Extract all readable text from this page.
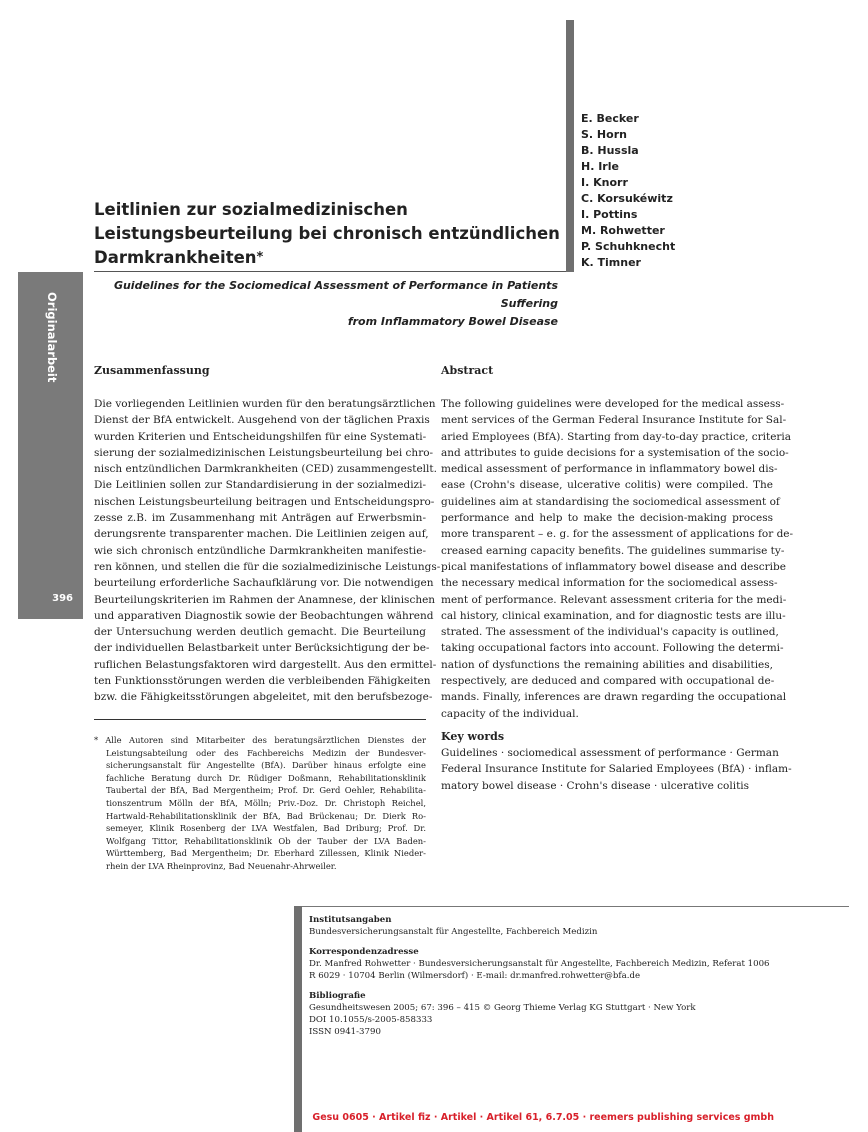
E. Becker
S. Horn
B. Hussla
H. Irle
I. Knorr
C. Korsukéwitz
I. Pottins
M. Rohwetter
P. Schuhknecht
K. Timner
Leitlinien zur sozialmedizinischen
Leistungsbeurteilung bei chronisch entzündlichen
Darmkrankheiten*
Guidelines for the Sociomedical Assessment of Performance in Patients Suffering
from Inflammatory Bowel Disease
Originalarbeit
396
Zusammenfassung
Die vorliegenden Leitlinien wurden für den beratungsärztlichen
Dienst der BfA entwickelt. Ausgehend von der täglichen Praxis
wurden Kriterien und Entscheidungshilfen für eine Systemati-
sierung der sozialmedizinischen Leistungsbeurteilung bei chro-
nisch entzündlichen Darmkrankheiten (CED) zusammengestellt.
Die Leitlinien sollen zur Standardisierung in der sozialmedizi-
nischen Leistungsbeurteilung beitragen und Entscheidungspro-
zesse z.B. im Zusammenhang mit Anträgen auf Erwerbsmin-
derungsrente transparenter machen. Die Leitlinien zeigen auf,
wie sich chronisch entzündliche Darmkrankheiten manifestie-
ren können, und stellen die für die sozialmedizinische Leistungs-
beurteilung erforderliche Sachaufklärung vor. Die notwendigen
Beurteilungskriterien im Rahmen der Anamnese, der klinischen
und apparativen Diagnostik sowie der Beobachtungen während
der Untersuchung werden deutlich gemacht. Die Beurteilung
der individuellen Belastbarkeit unter Berücksichtigung der be-
ruflichen Belastungsfaktoren wird dargestellt. Aus den ermittel-
ten Funktionsstörungen werden die verbleibenden Fähigkeiten
bzw. die Fähigkeitsstörungen abgeleitet, mit den berufsbezoge-
* Alle Autoren sind Mitarbeiter des beratungsärztlichen Dienstes der
Leistungsabteilung oder des Fachbereichs Medizin der Bundesver-
sicherungsanstalt für Angestellte (BfA). Darüber hinaus erfolgte eine
fachliche Beratung durch Dr. Rüdiger Doßmann, Rehabilitationsklinik
Taubertal der BfA, Bad Mergentheim; Prof. Dr. Gerd Oehler, Rehabilita-
tionszentrum Mölln der BfA, Mölln; Priv.-Doz. Dr. Christoph Reichel,
Hartwald-Rehabilitationsklinik der BfA, Bad Brückenau; Dr. Dierk Ro-
semeyer, Klinik Rosenberg der LVA Westfalen, Bad Driburg; Prof. Dr.
Wolfgang Tittor, Rehabilitationsklinik Ob der Tauber der LVA Baden-
Württemberg, Bad Mergentheim; Dr. Eberhard Zillessen, Klinik Nieder-
rhein der LVA Rheinprovinz, Bad Neuenahr-Ahrweiler.
Abstract
The following guidelines were developed for the medical assess-
ment services of the German Federal Insurance Institute for Sal-
aried Employees (BfA). Starting from day-to-day practice, criteria
and attributes to guide decisions for a systemisation of the socio-
medical assessment of performance in inflammatory bowel dis-
ease (Crohn's disease, ulcerative colitis) were compiled. The
guidelines aim at standardising the sociomedical assessment of
performance and help to make the decision-making process
more transparent – e. g. for the assessment of applications for de-
creased earning capacity benefits. The guidelines summarise ty-
pical manifestations of inflammatory bowel disease and describe
the necessary medical information for the sociomedical assess-
ment of performance. Relevant assessment criteria for the medi-
cal history, clinical examination, and for diagnostic tests are illu-
strated. The assessment of the individual's capacity is outlined,
taking occupational factors into account. Following the determi-
nation of dysfunctions the remaining abilities and disabilities,
respectively, are deduced and compared with occupational de-
mands. Finally, inferences are drawn regarding the occupational
capacity of the individual.
Key words
Guidelines · sociomedical assessment of performance · German
Federal Insurance Institute for Salaried Employees (BfA) · inflam-
matory bowel disease · Crohn's disease · ulcerative colitis
Institutsangaben
Bundesversicherungsanstalt für Angestellte, Fachbereich Medizin
Korrespondenzadresse
Dr. Manfred Rohwetter · Bundesversicherungsanstalt für Angestellte, Fachbereich Medizin, Referat 1006
R 6029 · 10704 Berlin (Wilmersdorf) · E-mail: dr.manfred.rohwetter@bfa.de
Bibliografie
Gesundheitswesen 2005; 67: 396 – 415 © Georg Thieme Verlag KG Stuttgart · New York
DOI 10.1055/s-2005-858333
ISSN 0941-3790
Gesu 0605 · Artikel fiz · Artikel · Artikel 61, 6.7.05 · reemers publishing services gmbh
